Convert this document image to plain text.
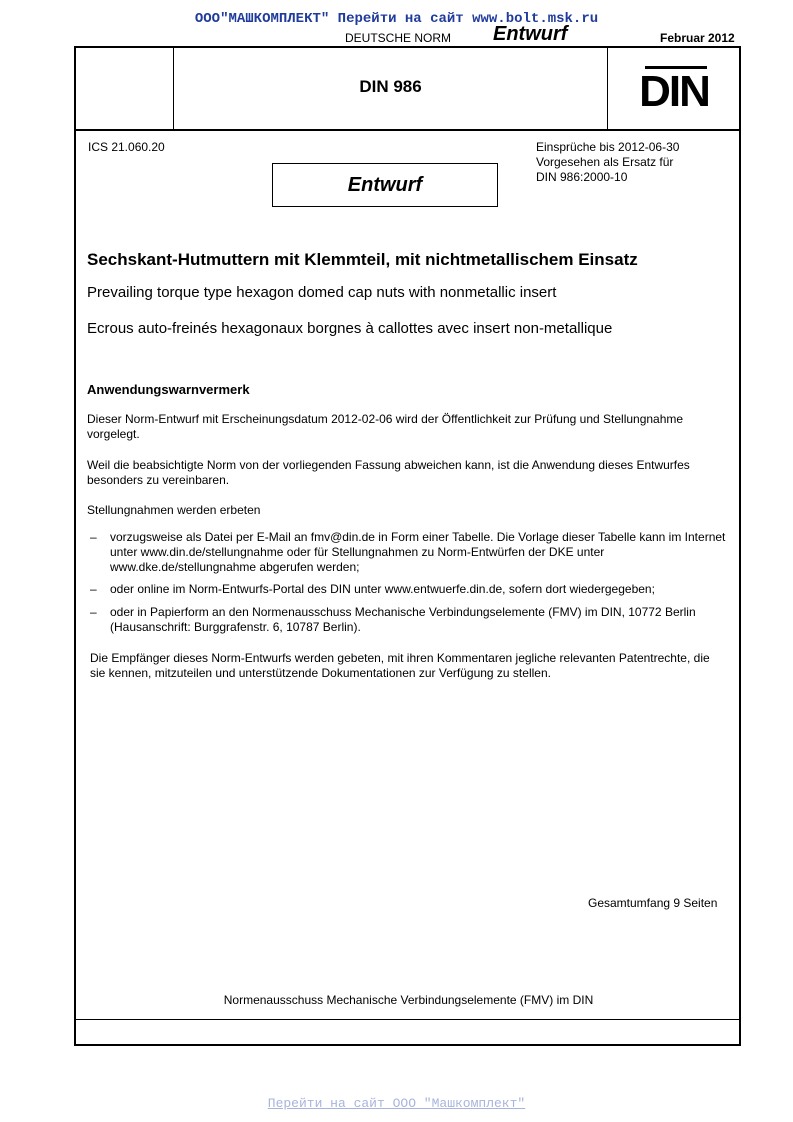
ООО"МАШКОМПЛЕКТ" Перейти на сайт www.bolt.msk.ru
DEUTSCHE NORM Entwurf	Februar 2012
DIN 986	DIN
ICS 21.060.20	Einsprüche bis 2012-06-30
Vorgesehen als Ersatz für
DIN 986:2000-10
Entwurf
Sechskant-Hutmuttern mit Klemmteil, mit nichtmetallischem Einsatz
Prevailing torque type hexagon domed cap nuts with nonmetallic insert
Ecrous auto-freinés hexagonaux borgnes à callottes avec insert non-metallique
Anwendungswarnvermerk
Dieser Norm-Entwurf mit Erscheinungsdatum 2012-02-06 wird der Öffentlichkeit zur Prüfung und Stellungnahme vorgelegt.
Weil die beabsichtigte Norm von der vorliegenden Fassung abweichen kann, ist die Anwendung dieses Entwurfes besonders zu vereinbaren.
Stellungnahmen werden erbeten
– vorzugsweise als Datei per E-Mail an fmv@din.de in Form einer Tabelle. Die Vorlage dieser Tabelle kann im Internet unter www.din.de/stellungnahme oder für Stellungnahmen zu Norm-Entwürfen der DKE unter www.dke.de/stellungnahme abgerufen werden;
– oder online im Norm-Entwurfs-Portal des DIN unter www.entwuerfe.din.de, sofern dort wiedergegeben;
– oder in Papierform an den Normenausschuss Mechanische Verbindungselemente (FMV) im DIN, 10772 Berlin (Hausanschrift: Burggrafenstr. 6, 10787 Berlin).
Die Empfänger dieses Norm-Entwurfs werden gebeten, mit ihren Kommentaren jegliche relevanten Patentrechte, die sie kennen, mitzuteilen und unterstützende Dokumentationen zur Verfügung zu stellen.
Gesamtumfang 9 Seiten
Normenausschuss Mechanische Verbindungselemente (FMV) im DIN
Перейти на сайт ООО "Машкомплект"
